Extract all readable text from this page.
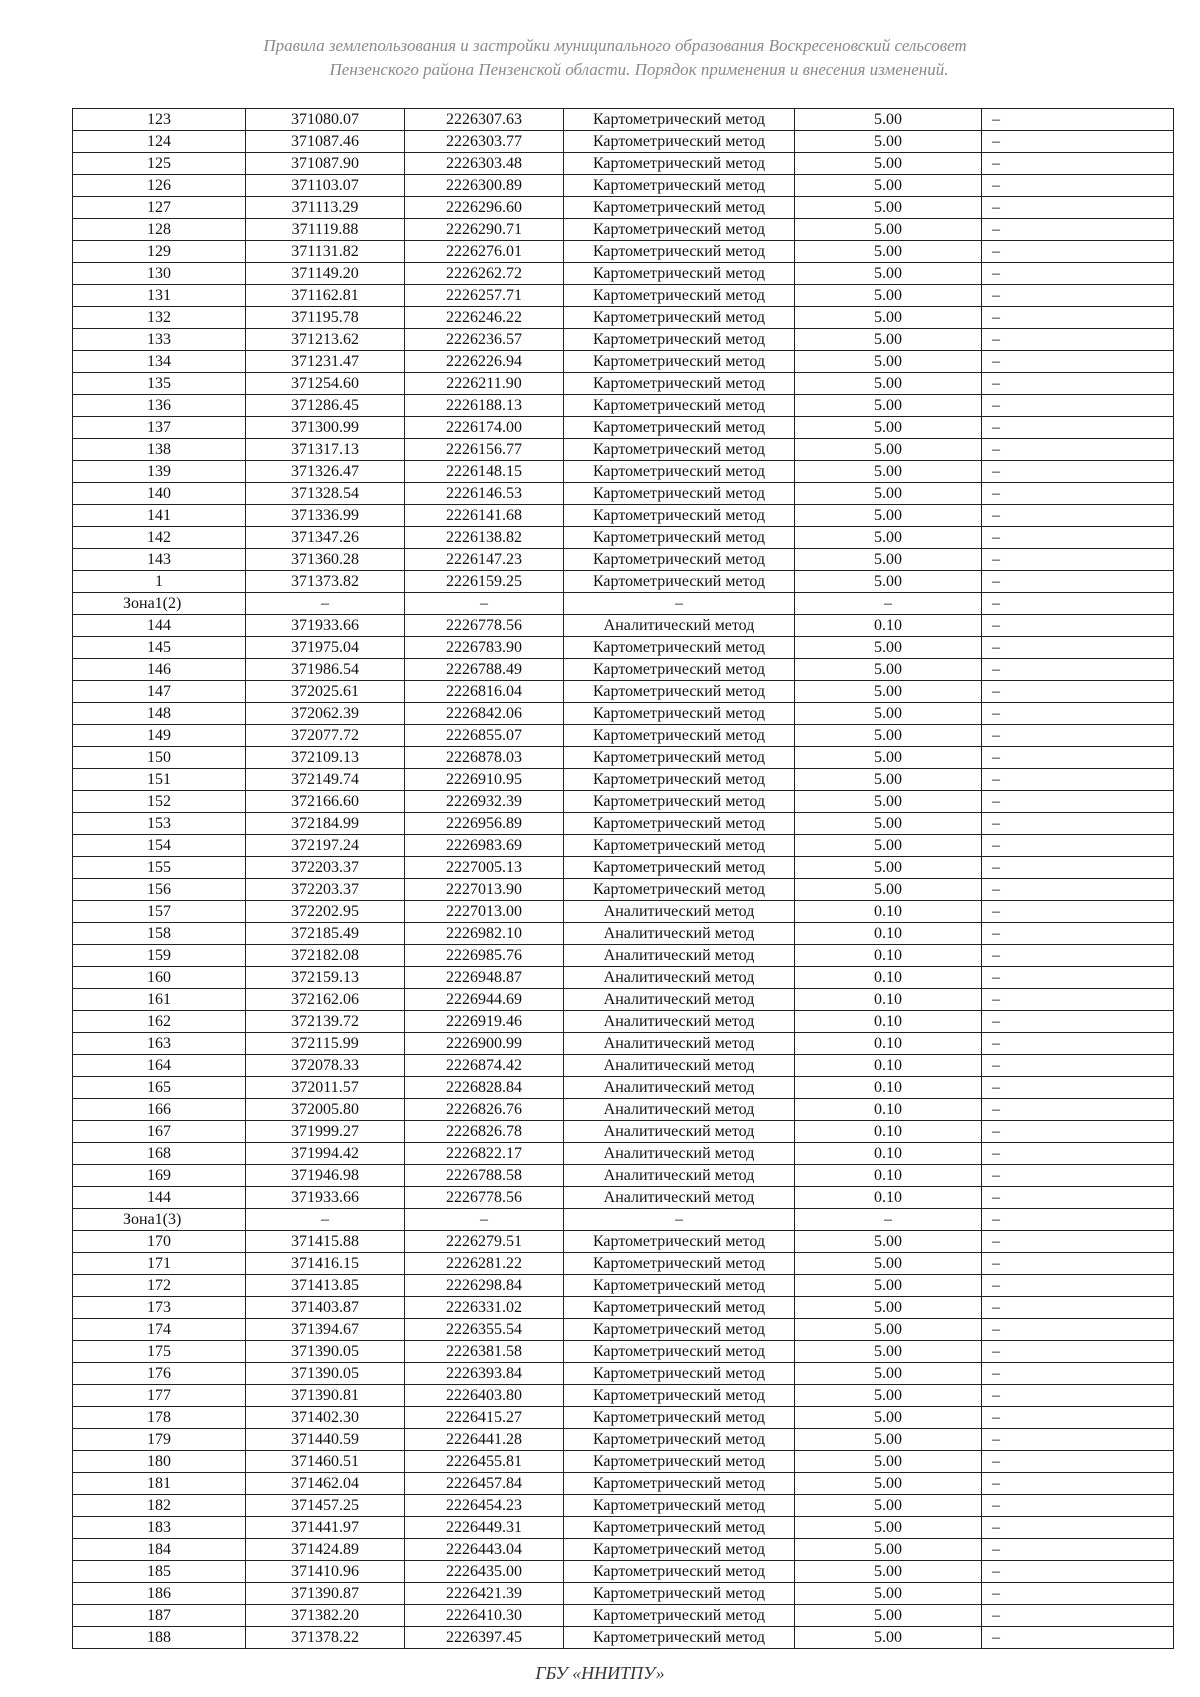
Правила землепользования и застройки муниципального образования Воскресеновский сельсовет
Пензенского района Пензенской области. Порядок применения и внесения изменений.
123	371080.07	2226307.63	Картометрический метод	5.00	–
124	371087.46	2226303.77	Картометрический метод	5.00	–
125	371087.90	2226303.48	Картометрический метод	5.00	–
126	371103.07	2226300.89	Картометрический метод	5.00	–
127	371113.29	2226296.60	Картометрический метод	5.00	–
128	371119.88	2226290.71	Картометрический метод	5.00	–
129	371131.82	2226276.01	Картометрический метод	5.00	–
130	371149.20	2226262.72	Картометрический метод	5.00	–
131	371162.81	2226257.71	Картометрический метод	5.00	–
132	371195.78	2226246.22	Картометрический метод	5.00	–
133	371213.62	2226236.57	Картометрический метод	5.00	–
134	371231.47	2226226.94	Картометрический метод	5.00	–
135	371254.60	2226211.90	Картометрический метод	5.00	–
136	371286.45	2226188.13	Картометрический метод	5.00	–
137	371300.99	2226174.00	Картометрический метод	5.00	–
138	371317.13	2226156.77	Картометрический метод	5.00	–
139	371326.47	2226148.15	Картометрический метод	5.00	–
140	371328.54	2226146.53	Картометрический метод	5.00	–
141	371336.99	2226141.68	Картометрический метод	5.00	–
142	371347.26	2226138.82	Картометрический метод	5.00	–
143	371360.28	2226147.23	Картометрический метод	5.00	–
1	371373.82	2226159.25	Картометрический метод	5.00	–
Зона1(2)	–	–	–	–	–
144	371933.66	2226778.56	Аналитический метод	0.10	–
145	371975.04	2226783.90	Картометрический метод	5.00	–
146	371986.54	2226788.49	Картометрический метод	5.00	–
147	372025.61	2226816.04	Картометрический метод	5.00	–
148	372062.39	2226842.06	Картометрический метод	5.00	–
149	372077.72	2226855.07	Картометрический метод	5.00	–
150	372109.13	2226878.03	Картометрический метод	5.00	–
151	372149.74	2226910.95	Картометрический метод	5.00	–
152	372166.60	2226932.39	Картометрический метод	5.00	–
153	372184.99	2226956.89	Картометрический метод	5.00	–
154	372197.24	2226983.69	Картометрический метод	5.00	–
155	372203.37	2227005.13	Картометрический метод	5.00	–
156	372203.37	2227013.90	Картометрический метод	5.00	–
157	372202.95	2227013.00	Аналитический метод	0.10	–
158	372185.49	2226982.10	Аналитический метод	0.10	–
159	372182.08	2226985.76	Аналитический метод	0.10	–
160	372159.13	2226948.87	Аналитический метод	0.10	–
161	372162.06	2226944.69	Аналитический метод	0.10	–
162	372139.72	2226919.46	Аналитический метод	0.10	–
163	372115.99	2226900.99	Аналитический метод	0.10	–
164	372078.33	2226874.42	Аналитический метод	0.10	–
165	372011.57	2226828.84	Аналитический метод	0.10	–
166	372005.80	2226826.76	Аналитический метод	0.10	–
167	371999.27	2226826.78	Аналитический метод	0.10	–
168	371994.42	2226822.17	Аналитический метод	0.10	–
169	371946.98	2226788.58	Аналитический метод	0.10	–
144	371933.66	2226778.56	Аналитический метод	0.10	–
Зона1(3)	–	–	–	–	–
170	371415.88	2226279.51	Картометрический метод	5.00	–
171	371416.15	2226281.22	Картометрический метод	5.00	–
172	371413.85	2226298.84	Картометрический метод	5.00	–
173	371403.87	2226331.02	Картометрический метод	5.00	–
174	371394.67	2226355.54	Картометрический метод	5.00	–
175	371390.05	2226381.58	Картометрический метод	5.00	–
176	371390.05	2226393.84	Картометрический метод	5.00	–
177	371390.81	2226403.80	Картометрический метод	5.00	–
178	371402.30	2226415.27	Картометрический метод	5.00	–
179	371440.59	2226441.28	Картометрический метод	5.00	–
180	371460.51	2226455.81	Картометрический метод	5.00	–
181	371462.04	2226457.84	Картометрический метод	5.00	–
182	371457.25	2226454.23	Картометрический метод	5.00	–
183	371441.97	2226449.31	Картометрический метод	5.00	–
184	371424.89	2226443.04	Картометрический метод	5.00	–
185	371410.96	2226435.00	Картометрический метод	5.00	–
186	371390.87	2226421.39	Картометрический метод	5.00	–
187	371382.20	2226410.30	Картометрический метод	5.00	–
188	371378.22	2226397.45	Картометрический метод	5.00	–
ГБУ «ННИТПУ»
